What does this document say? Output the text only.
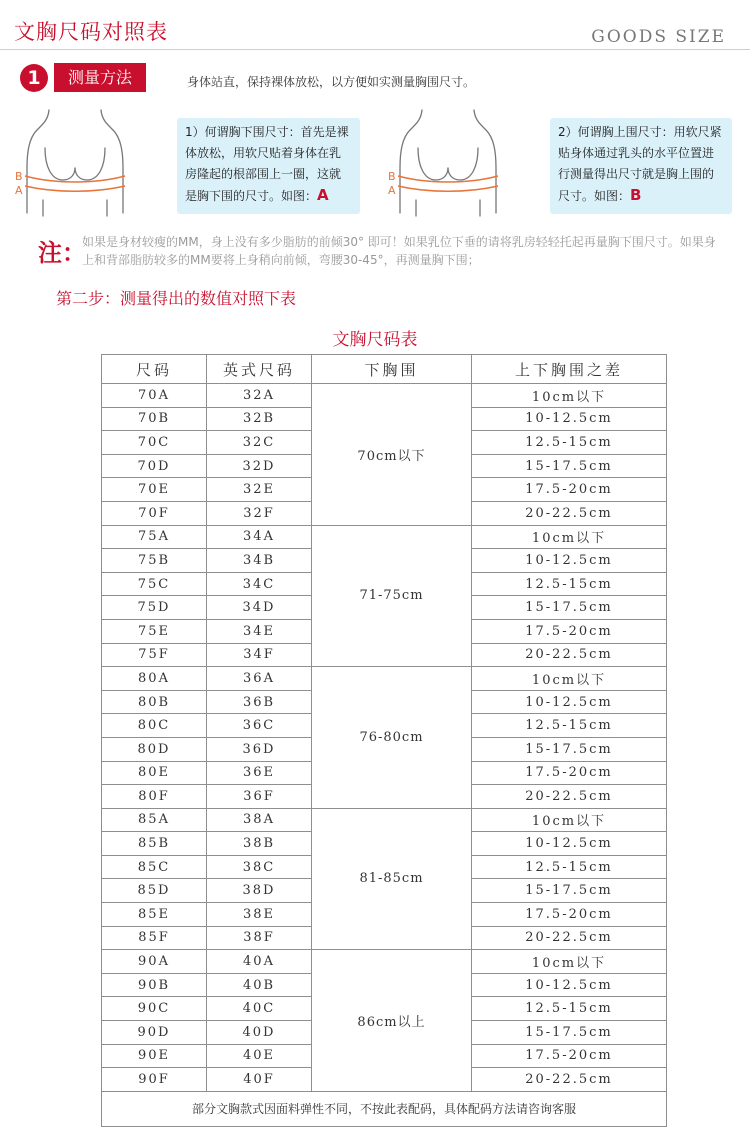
文胸尺码对照表	GOODS SIZE
1	测量方法	身体站直，保持裸体放松，以方便如实测量胸围尺寸。
B
A
1）何谓胸下围尺寸：首先是裸体放松，用软尺贴着身体在乳房隆起的根部围上一圈，这就是胸下围的尺寸。如图：A
B
A
2）何谓胸上围尺寸：用软尺紧贴身体通过乳头的水平位置进行测量得出尺寸就是胸上围的尺寸。如图：B
注：
如果是身材较瘦的MM，身上没有多少脂肪的前倾30° 即可！如果乳位下垂的请将乳房轻轻托起再量胸下围尺寸。如果身上和背部脂肪较多的MM要将上身稍向前倾，弯腰30-45°，再测量胸下围；
第二步：测量得出的数值对照下表
文胸尺码表
尺码	英式尺码	下胸围	上下胸围之差
70A	32A	70cm以下	10cm以下
70B	32B		10-12.5cm
70C	32C		12.5-15cm
70D	32D		15-17.5cm
70E	32E		17.5-20cm
70F	32F		20-22.5cm
75A	34A	71-75cm	10cm以下
75B	34B		10-12.5cm
75C	34C		12.5-15cm
75D	34D		15-17.5cm
75E	34E		17.5-20cm
75F	34F		20-22.5cm
80A	36A	76-80cm	10cm以下
80B	36B		10-12.5cm
80C	36C		12.5-15cm
80D	36D		15-17.5cm
80E	36E		17.5-20cm
80F	36F		20-22.5cm
85A	38A	81-85cm	10cm以下
85B	38B		10-12.5cm
85C	38C		12.5-15cm
85D	38D		15-17.5cm
85E	38E		17.5-20cm
85F	38F		20-22.5cm
90A	40A	86cm以上	10cm以下
90B	40B		10-12.5cm
90C	40C		12.5-15cm
90D	40D		15-17.5cm
90E	40E		17.5-20cm
90F	40F		20-22.5cm
部分文胸款式因面料弹性不同，不按此表配码，具体配码方法请咨询客服			
